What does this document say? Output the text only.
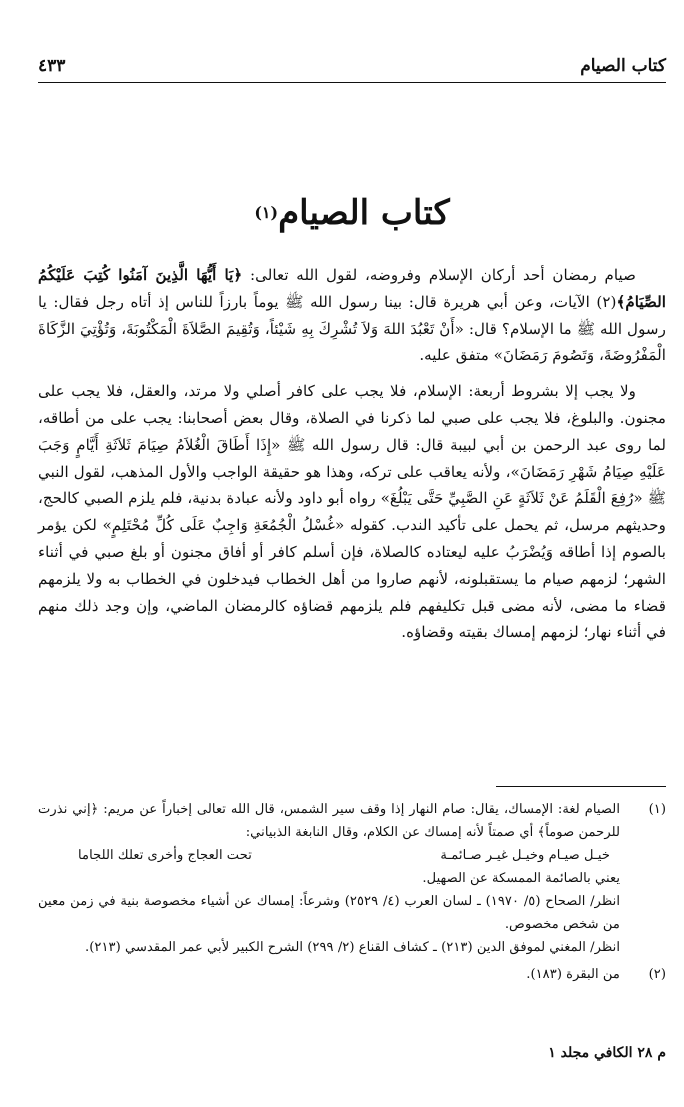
كتاب الصيام
٤٣٣
كتاب الصيام$^{(١)}$

صيام رمضان أحد أركان الإسلام وفروضه، لقول الله تعالى: ﴿يَا أَيُّهَا الَّذِينَ آمَنُوا كُتِبَ عَلَيْكُمُ الصِّيَامُ﴾(٢) الآيات، وعن أبي هريرة قال: بينا رسول الله ﷺ يوماً بارزاً للناس إذ أتاه رجل فقال: يا رسول الله ﷺ ما الإسلام؟ قال: «أَنْ تَعْبُدَ اللهَ وَلاَ تُشْرِكَ بِهِ شَيْئاً، وَتُقِيمَ الصَّلاَةَ الْمَكْتُوبَةَ، وَتُؤْتِيَ الزَّكَاةَ الْمَفْرُوضَةَ، وَتَصُومَ رَمَضَانَ» متفق عليه.

ولا يجب إلا بشروط أربعة: الإسلام، فلا يجب على كافر أصلي ولا مرتد، والعقل، فلا يجب على مجنون. والبلوغ، فلا يجب على صبي لما ذكرنا في الصلاة، وقال بعض أصحابنا: يجب على من أطاقه، لما روى عبد الرحمن بن أبي لبيبة قال: قال رسول الله ﷺ «إِذَا أَطَاقَ الْغُلاَمُ صِيَامَ ثَلاَثَةِ أَيَّامٍ وَجَبَ عَلَيْهِ صِيَامُ شَهْرِ رَمَضَانَ»، ولأنه يعاقب على تركه، وهذا هو حقيقة الواجب والأول المذهب، لقول النبي ﷺ «رُفِعَ الْقَلَمُ عَنْ ثَلاَثَةٍ عَنِ الصَّبِيِّ حَتَّى يَبْلُغَ» رواه أبو داود ولأنه عبادة بدنية، فلم يلزم الصبي كالحج، وحديثهم مرسل، ثم يحمل على تأكيد الندب. كقوله «غُسْلُ الْجُمُعَةِ وَاجِبٌ عَلَى كُلِّ مُحْتَلِمٍ» لكن يؤمر بالصوم إذا أطاقه وَيُضْرَبُ عليه ليعتاده كالصلاة، فإن أسلم كافر أو أفاق مجنون أو بلغ صبي في أثناء الشهر؛ لزمهم صيام ما يستقبلونه، لأنهم صاروا من أهل الخطاب فيدخلون في الخطاب به ولا يلزمهم قضاء ما مضى، لأنه مضى قبل تكليفهم فلم يلزمهم قضاؤه كالرمضان الماضي، وإن وجد ذلك منهم في أثناء نهار؛ لزمهم إمساك بقيته وقضاؤه.

(١)

الصيام لغة: الإمساك، يقال: صام النهار إذا وقف سير الشمس، قال الله تعالى إخباراً عن مريم: ﴿إني نذرت للرحمن صوماً﴾ أي صمتاً لأنه إمساك عن الكلام، وقال النابغة الذبياني:

خيـل صيـام وخيـل غيـر صـائمـة
تحت العجاج وأخرى تعلك اللجاما

يعني بالصائمة الممسكة عن الصهيل.

انظر/ الصحاح (٥/ ١٩٧٠) ـ لسان العرب (٤/ ٢٥٢٩) وشرعاً: إمساك عن أشياء مخصوصة بنية في زمن معين من شخص مخصوص.

انظر/ المغني لموفق الدين (٢١٣) ـ كشاف القناع (٢/ ٢٩٩) الشرح الكبير لأبي عمر المقدسي (٢١٣).

(٢)

من البقرة (١٨٣).

م ٢٨ الكافي مجلد ١
